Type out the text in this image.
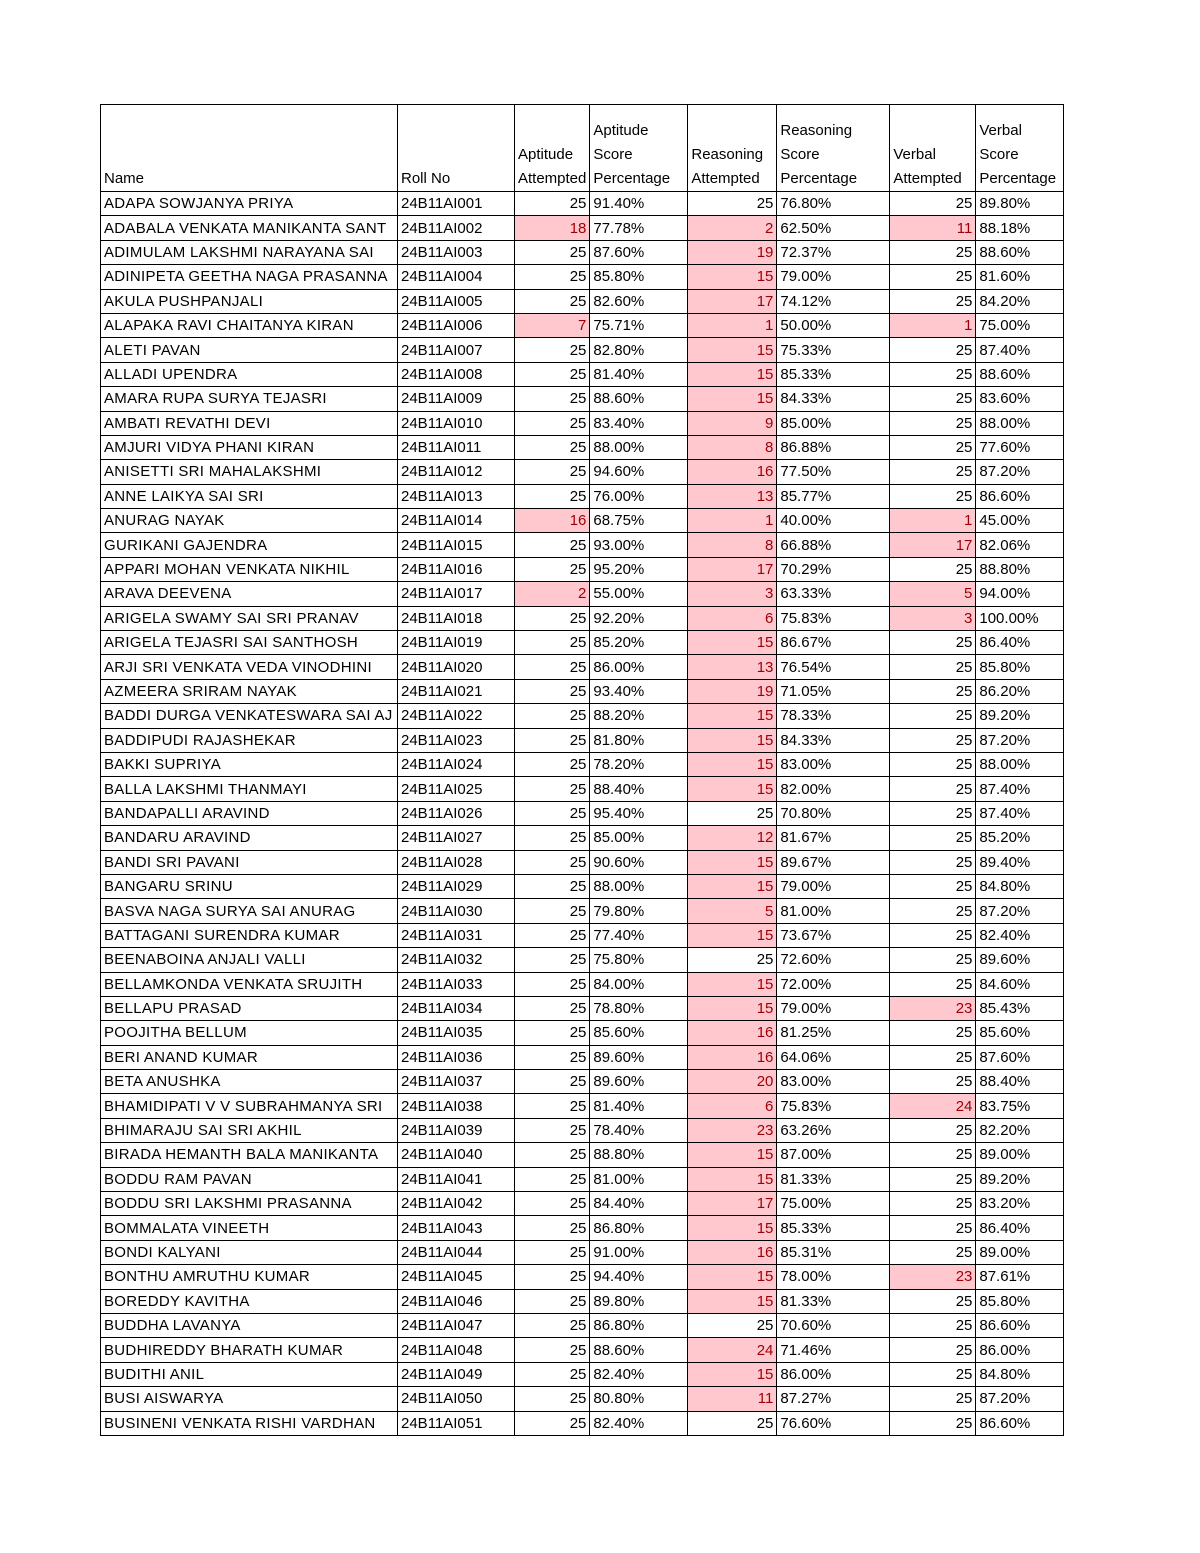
Name	Roll No	Aptitude Attempted	Aptitude Score Percentage	Reasoning Attempted	Reasoning Score Percentage	Verbal Attempted	Verbal Score Percentage

ADAPA SOWJANYA PRIYA	24B11AI001	25	91.40%	25	76.80%	25	89.80%
ADABALA VENKATA MANIKANTA SANT	24B11AI002	18	77.78%	2	62.50%	11	88.18%
ADIMULAM LAKSHMI NARAYANA SAI	24B11AI003	25	87.60%	19	72.37%	25	88.60%
ADINIPETA GEETHA NAGA PRASANNA	24B11AI004	25	85.80%	15	79.00%	25	81.60%
AKULA PUSHPANJALI	24B11AI005	25	82.60%	17	74.12%	25	84.20%
ALAPAKA RAVI CHAITANYA KIRAN	24B11AI006	7	75.71%	1	50.00%	1	75.00%
ALETI PAVAN	24B11AI007	25	82.80%	15	75.33%	25	87.40%
ALLADI UPENDRA	24B11AI008	25	81.40%	15	85.33%	25	88.60%
AMARA RUPA SURYA TEJASRI	24B11AI009	25	88.60%	15	84.33%	25	83.60%
AMBATI REVATHI DEVI	24B11AI010	25	83.40%	9	85.00%	25	88.00%
AMJURI VIDYA PHANI KIRAN	24B11AI011	25	88.00%	8	86.88%	25	77.60%
ANISETTI SRI MAHALAKSHMI	24B11AI012	25	94.60%	16	77.50%	25	87.20%
ANNE LAIKYA SAI SRI	24B11AI013	25	76.00%	13	85.77%	25	86.60%
ANURAG NAYAK	24B11AI014	16	68.75%	1	40.00%	1	45.00%
GURIKANI GAJENDRA	24B11AI015	25	93.00%	8	66.88%	17	82.06%
APPARI MOHAN VENKATA NIKHIL	24B11AI016	25	95.20%	17	70.29%	25	88.80%
ARAVA DEEVENA	24B11AI017	2	55.00%	3	63.33%	5	94.00%
ARIGELA SWAMY SAI SRI PRANAV	24B11AI018	25	92.20%	6	75.83%	3	100.00%
ARIGELA TEJASRI SAI SANTHOSH	24B11AI019	25	85.20%	15	86.67%	25	86.40%
ARJI SRI VENKATA VEDA VINODHINI	24B11AI020	25	86.00%	13	76.54%	25	85.80%
AZMEERA SRIRAM NAYAK	24B11AI021	25	93.40%	19	71.05%	25	86.20%
BADDI DURGA VENKATESWARA SAI AJ	24B11AI022	25	88.20%	15	78.33%	25	89.20%
BADDIPUDI RAJASHEKAR	24B11AI023	25	81.80%	15	84.33%	25	87.20%
BAKKI SUPRIYA	24B11AI024	25	78.20%	15	83.00%	25	88.00%
BALLA LAKSHMI THANMAYI	24B11AI025	25	88.40%	15	82.00%	25	87.40%
BANDAPALLI ARAVIND	24B11AI026	25	95.40%	25	70.80%	25	87.40%
BANDARU ARAVIND	24B11AI027	25	85.00%	12	81.67%	25	85.20%
BANDI SRI PAVANI	24B11AI028	25	90.60%	15	89.67%	25	89.40%
BANGARU SRINU	24B11AI029	25	88.00%	15	79.00%	25	84.80%
BASVA NAGA SURYA SAI ANURAG	24B11AI030	25	79.80%	5	81.00%	25	87.20%
BATTAGANI SURENDRA KUMAR	24B11AI031	25	77.40%	15	73.67%	25	82.40%
BEENABOINA ANJALI VALLI	24B11AI032	25	75.80%	25	72.60%	25	89.60%
BELLAMKONDA VENKATA SRUJITH	24B11AI033	25	84.00%	15	72.00%	25	84.60%
BELLAPU PRASAD	24B11AI034	25	78.80%	15	79.00%	23	85.43%
POOJITHA BELLUM	24B11AI035	25	85.60%	16	81.25%	25	85.60%
BERI ANAND KUMAR	24B11AI036	25	89.60%	16	64.06%	25	87.60%
BETA ANUSHKA	24B11AI037	25	89.60%	20	83.00%	25	88.40%
BHAMIDIPATI V V SUBRAHMANYA SRI	24B11AI038	25	81.40%	6	75.83%	24	83.75%
BHIMARAJU SAI SRI AKHIL	24B11AI039	25	78.40%	23	63.26%	25	82.20%
BIRADA HEMANTH BALA MANIKANTA	24B11AI040	25	88.80%	15	87.00%	25	89.00%
BODDU RAM PAVAN	24B11AI041	25	81.00%	15	81.33%	25	89.20%
BODDU SRI LAKSHMI PRASANNA	24B11AI042	25	84.40%	17	75.00%	25	83.20%
BOMMALATA VINEETH	24B11AI043	25	86.80%	15	85.33%	25	86.40%
BONDI KALYANI	24B11AI044	25	91.00%	16	85.31%	25	89.00%
BONTHU AMRUTHU KUMAR	24B11AI045	25	94.40%	15	78.00%	23	87.61%
BOREDDY KAVITHA	24B11AI046	25	89.80%	15	81.33%	25	85.80%
BUDDHA LAVANYA	24B11AI047	25	86.80%	25	70.60%	25	86.60%
BUDHIREDDY BHARATH KUMAR	24B11AI048	25	88.60%	24	71.46%	25	86.00%
BUDITHI ANIL	24B11AI049	25	82.40%	15	86.00%	25	84.80%
BUSI AISWARYA	24B11AI050	25	80.80%	11	87.27%	25	87.20%
BUSINENI VENKATA RISHI VARDHAN	24B11AI051	25	82.40%	25	76.60%	25	86.60%
